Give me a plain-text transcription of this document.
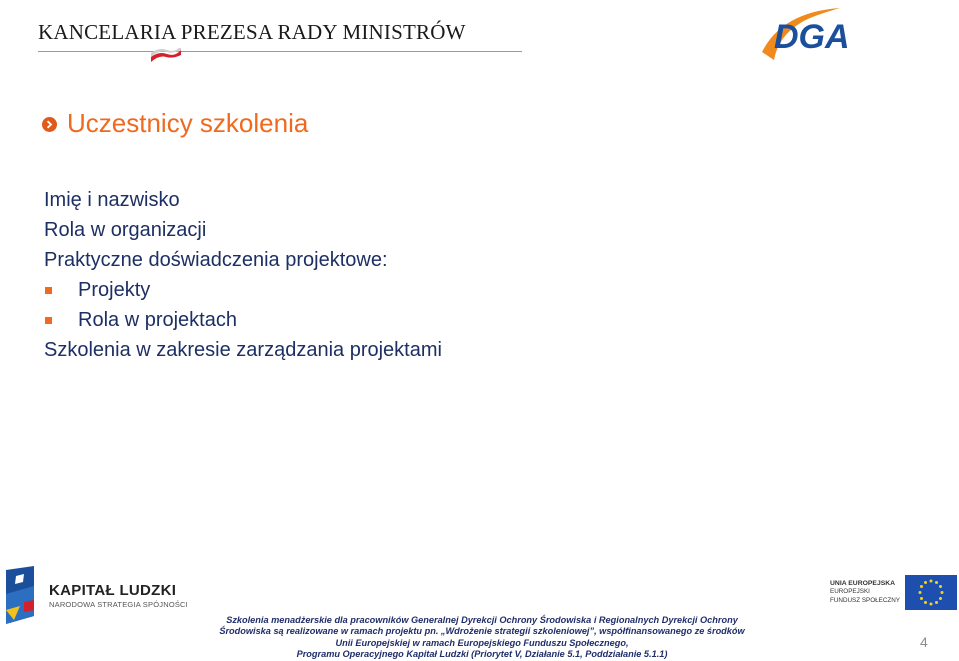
KANCELARIA PREZESA RADY MINISTRÓW	DGA
Uczestnicy szkolenia
Imię i nazwisko
Rola w organizacji
Praktyczne doświadczenia projektowe:
Projekty
Rola w projektach
Szkolenia w zakresie zarządzania projektami
KAPITAŁ LUDZKI
NARODOWA STRATEGIA SPÓJNOŚCI
Szkolenia menadżerskie dla pracowników Generalnej Dyrekcji Ochrony Środowiska i Regionalnych Dyrekcji Ochrony
Środowiska są realizowane w ramach projektu pn. „Wdrożenie strategii szkoleniowej”, współfinansowanego ze środków
Unii Europejskiej w ramach Europejskiego Funduszu Społecznego,
Programu Operacyjnego Kapitał Ludzki (Priorytet V, Działanie 5.1, Poddziałanie 5.1.1)
UNIA EUROPEJSKA
EUROPEJSKI
FUNDUSZ SPOŁECZNY
4
